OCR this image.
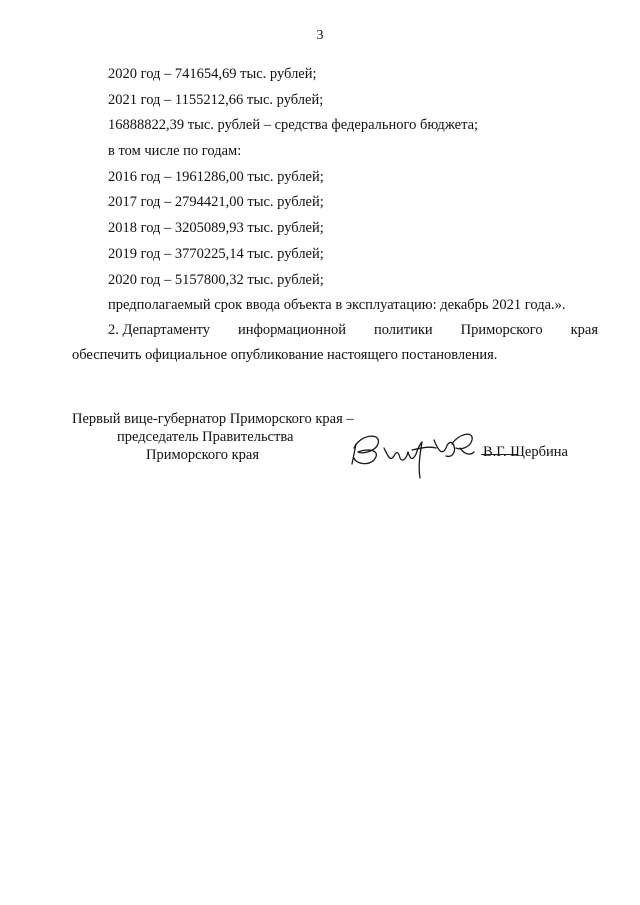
3
2020 год – 741654,69 тыс. рублей;
2021 год – 1155212,66 тыс. рублей;
16888822,39 тыс. рублей – средства федерального бюджета;
в том числе по годам:
2016 год – 1961286,00 тыс. рублей;
2017 год – 2794421,00 тыс. рублей;
2018 год – 3205089,93 тыс. рублей;
2019 год – 3770225,14 тыс. рублей;
2020 год – 5157800,32 тыс. рублей;
предполагаемый срок ввода объекта в эксплуатацию: декабрь 2021 года.».
2. Департаменту информационной политики Приморского края
обеспечить официальное опубликование настоящего постановления.
Первый вице-губернатор Приморского края –
председатель Правительства
Приморского края	В.Г. Щербина
